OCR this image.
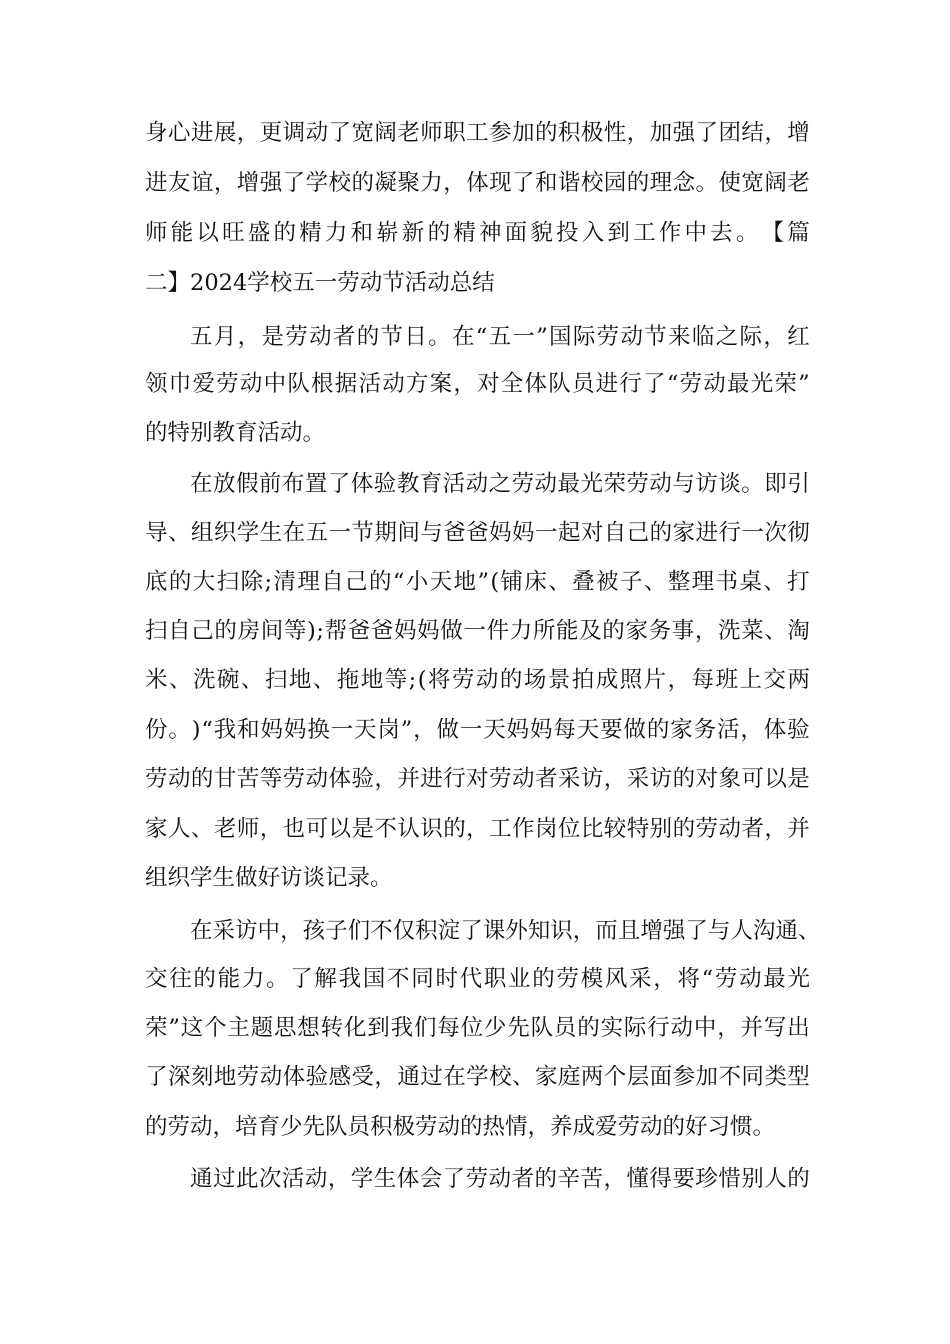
身 心 进 展 ， 更 调 动 了 宽 阔 老 师 职 工 参 加 的 积 极 性 ， 加 强 了 团 结 ， 增
进 友 谊 ， 增 强 了 学 校 的 凝 聚 力 ， 体 现 了 和 谐 校 园 的 理 念 。 使 宽 阔 老
师 能 以 旺 盛 的 精 力 和 崭 新 的 精 神 面 貌 投 入 到 工 作 中 去 。 【 篇
二】2024学校五一劳动节活动总结
五 月 ， 是 劳 动 者 的 节 日 。 在 “ 五 一 ” 国 际 劳 动 节 来 临 之 际 ， 红
领 巾 爱 劳 动 中 队 根 据 活 动 方 案 ， 对 全 体 队 员 进 行 了 “ 劳 动 最 光 荣 ”
的特别教育活动。
在 放 假 前 布 置 了 体 验 教 育 活 动 之 劳 动 最 光 荣 劳 动 与 访 谈 。 即 引
导 、 组 织 学 生 在 五 一 节 期 间 与 爸 爸 妈 妈 一 起 对 自 己 的 家 进 行 一 次 彻
底 的 大 扫 除 ; 清 理 自 己 的 “ 小 天 地 ” ( 铺 床 、 叠 被 子 、 整 理 书 桌 、 打
扫 自 己 的 房 间 等 ) ; 帮 爸 爸 妈 妈 做 一 件 力 所 能 及 的 家 务 事 ， 洗 菜 、 淘
米 、 洗 碗 、 扫 地 、 拖 地 等 ; ( 将 劳 动 的 场 景 拍 成 照 片 ， 每 班 上 交 两
份 。 ) “ 我 和 妈 妈 换 一 天 岗 ” ， 做 一 天 妈 妈 每 天 要 做 的 家 务 活 ， 体 验
劳 动 的 甘 苦 等 劳 动 体 验 ， 并 进 行 对 劳 动 者 采 访 ， 采 访 的 对 象 可 以 是
家 人 、 老 师 ， 也 可 以 是 不 认 识 的 ， 工 作 岗 位 比 较 特 别 的 劳 动 者 ， 并
组织学生做好访谈记录。
在 采 访 中 ， 孩 子 们 不 仅 积 淀 了 课 外 知 识 ， 而 且 增 强 了 与 人 沟 通 、
交 往 的 能 力 。 了 解 我 国 不 同 时 代 职 业 的 劳 模 风 采 ， 将 “ 劳 动 最 光
荣 ” 这 个 主 题 思 想 转 化 到 我 们 每 位 少 先 队 员 的 实 际 行 动 中 ， 并 写 出
了 深 刻 地 劳 动 体 验 感 受 ， 通 过 在 学 校 、 家 庭 两 个 层 面 参 加 不 同 类 型
的劳动，培育少先队员积极劳动的热情，养成爱劳动的好习惯。
通 过 此 次 活 动 ， 学 生 体 会 了 劳 动 者 的 辛 苦 ， 懂 得 要 珍 惜 别 人 的
